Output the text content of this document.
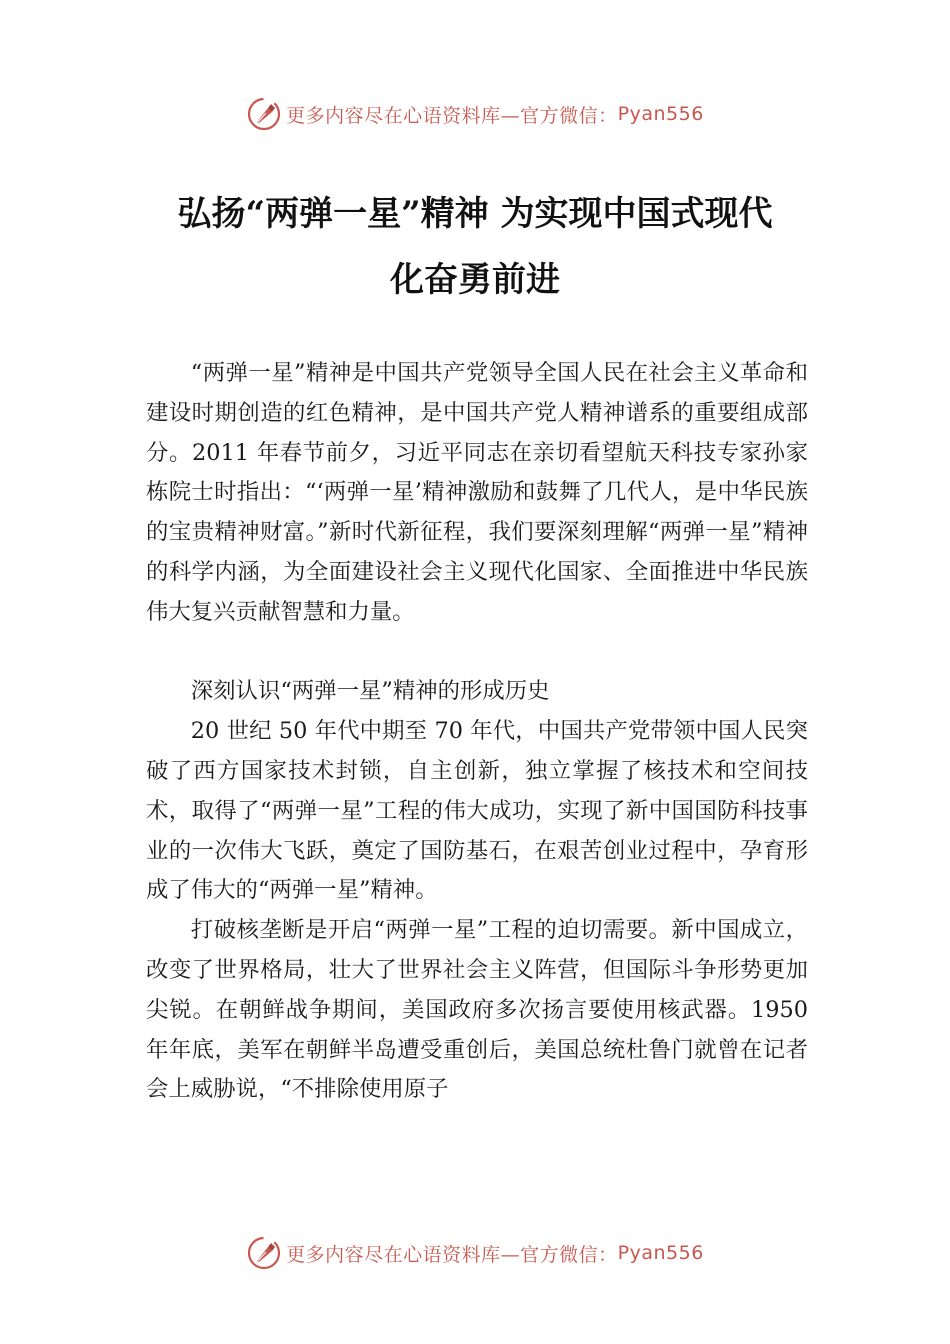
更多内容尽在心语资料库—官方微信： Pyan556
弘扬“两弹一星”精神 为实现中国式现代
化奋勇前进

“两弹一星”精神是中国共产党领导全国人民在社会主义革命和建设时期创造的红色精神，是中国共产党人精神谱系的重要组成部分。2011 年春节前夕，习近平同志在亲切看望航天科技专家孙家栋院士时指出：“‘两弹一星’精神激励和鼓舞了几代人，是中华民族的宝贵精神财富。”新时代新征程，我们要深刻理解“两弹一星”精神的科学内涵，为全面建设社会主义现代化国家、全面推进中华民族伟大复兴贡献智慧和力量。

深刻认识“两弹一星”精神的形成历史

20 世纪 50 年代中期至 70 年代，中国共产党带领中国人民突破了西方国家技术封锁，自主创新，独立掌握了核技术和空间技术，取得了“两弹一星”工程的伟大成功，实现了新中国国防科技事业的一次伟大飞跃，奠定了国防基石，在艰苦创业过程中，孕育形成了伟大的“两弹一星”精神。

打破核垄断是开启“两弹一星”工程的迫切需要。新中国成立，改变了世界格局，壮大了世界社会主义阵营，但国际斗争形势更加尖锐。在朝鲜战争期间，美国政府多次扬言要使用核武器。1950 年年底，美军在朝鲜半岛遭受重创后，美国总统杜鲁门就曾在记者会上威胁说，“不排除使用原子

更多内容尽在心语资料库—官方微信： Pyan556
